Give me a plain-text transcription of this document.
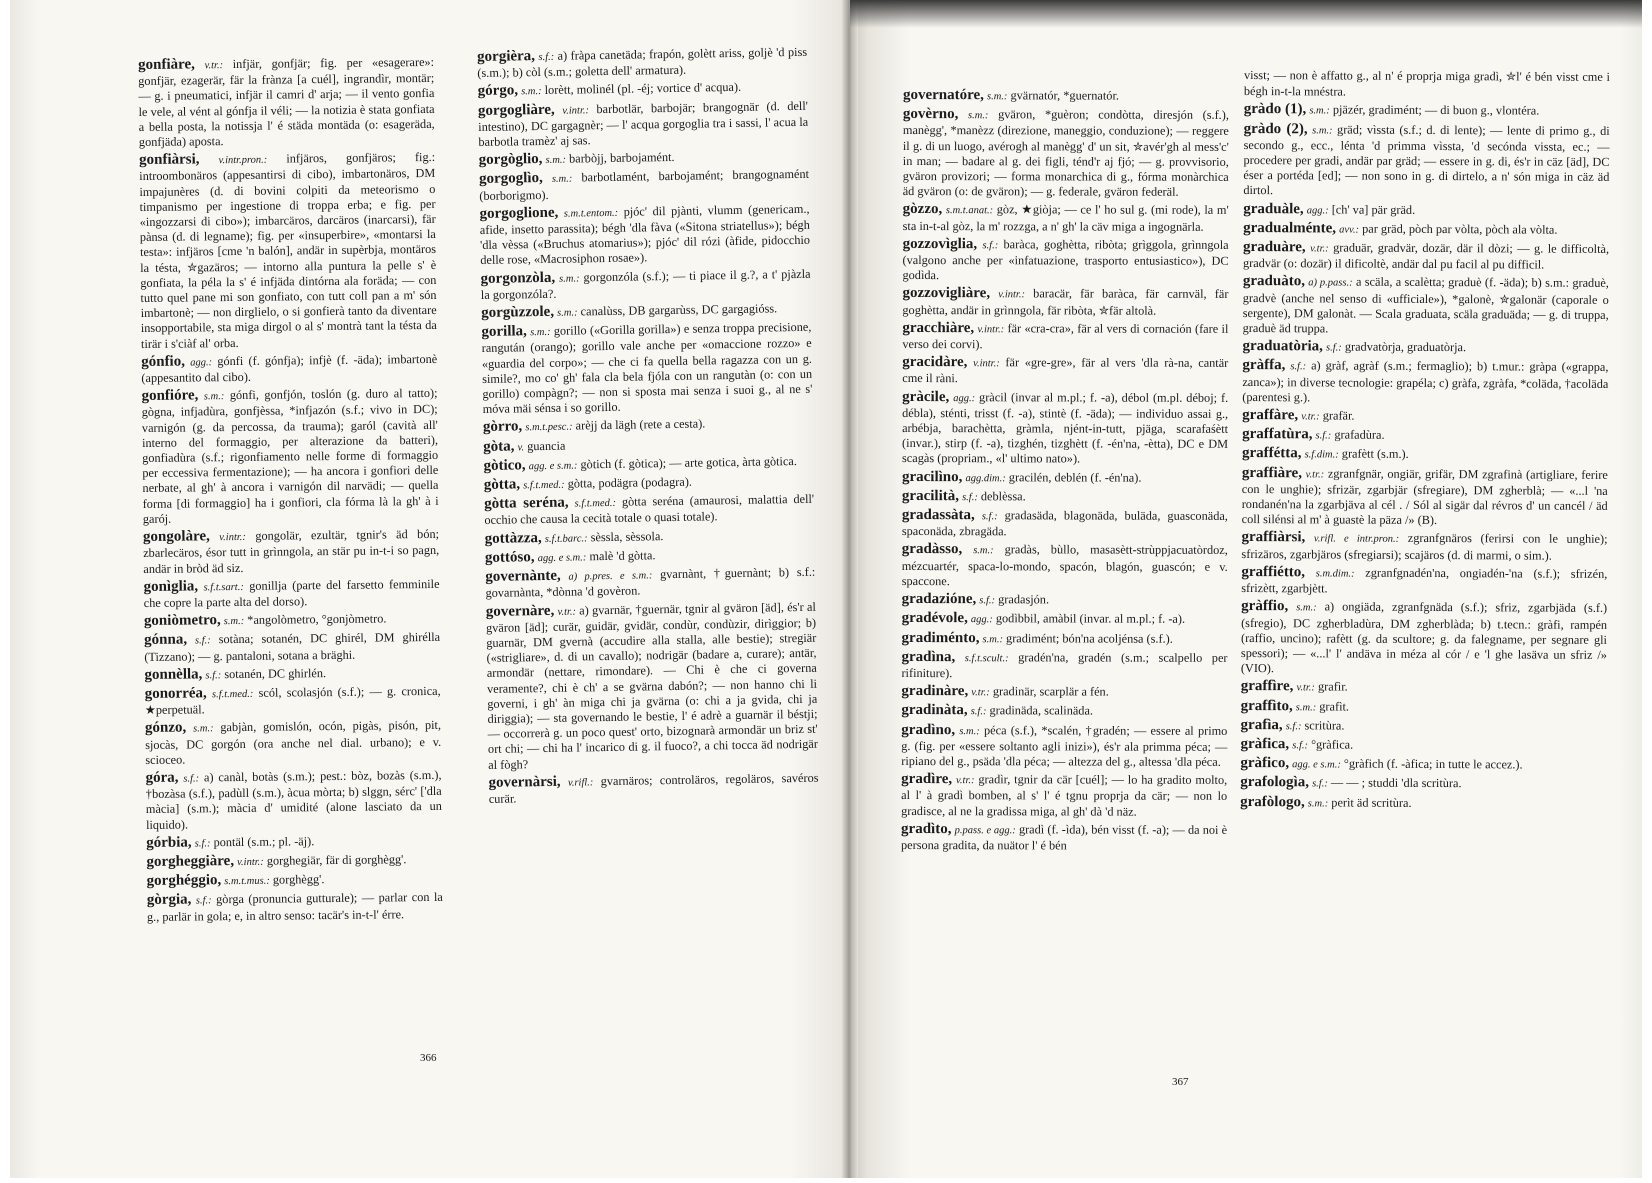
gonfiàre, v.tr.: infjär, gonfjär; fig. per «esagerare»: gonfjär, ezagerär, fär la frànza [a cuél], ingrandìr, montär; — g. i pneumatici, infjär il camri d' arja; — il vento gonfia le vele, al vént al gónfja il véli; — la notizia è stata gonfiata a bella posta, la notissja l' é städa montäda (o: esageräda, gonfjäda) aposta.

gonfiàrsi, v.intr.pron.: infjäros, gonfjäros; fig.: introombonäros (appesantirsi di cibo), imbartonäros, DM impajunères (d. di bovini colpiti da meteorismo o timpanismo per ingestione di troppa erba; e fig. per «ingozzarsi di cibo»); imbarcäros, darcäros (inarcarsi), fär pànsa (d. di legname); fig. per «insuperbire», «montarsi la testa»: infjäros [cme 'n balón], andär in supèrbja, montäros la tésta, ✮gazäros; — intorno alla puntura la pelle s' è gonfiata, la péla la s' é infjäda dintórna ala foräda; — con tutto quel pane mi son gonfiato, con tutt coll pan a m' són imbartonè; — non dirglielo, o si gonfierà tanto da diventare insopportabile, sta miga dirgol o al s' montrà tant la tésta da tirär i s'ciàf al' orba.

gónfio, agg.: gónfi (f. gónfja); infjè (f. -äda); imbartonè (appesantito dal cibo).

gonfióre, s.m.: gónfi, gonfjón, toslón (g. duro al tatto); gògna, infjadùra, gonfjèssa, *infjazón (s.f.; vivo in DC); varnigón (g. da percossa, da trauma); garól (cavità all' interno del formaggio, per alterazione da batteri), gonfiadùra (s.f.; rigonfiamento nelle forme di formaggio per eccessiva fermentazione); — ha ancora i gonfiori delle nerbate, al gh' à ancora i varnigón dil narvädi; — quella forma [di formaggio] ha i gonfiori, cla fórma là la gh' à i garój.

gongolàre, v.intr.: gongolär, ezultär, tgnir's äd bón; zbarlecäros, ésor tutt in grìnngola, an stär pu in-t-i so pagn, andär in bròd äd siz.

gonìglia, s.f.t.sart.: gonillja (parte del farsetto femminile che copre la parte alta del dorso).

goniòmetro, s.m.: *angolòmetro, °gonjòmetro.

gónna, s.f.: sotàna; sotanén, DC ghirél, DM ghirélla (Tizzano); — g. pantaloni, sotana a bräghi.

gonnèlla, s.f.: sotanén, DC ghirlén.

gonorréa, s.f.t.med.: scól, scolasjón (s.f.); — g. cronica, ★perpetuäl.

gónzo, s.m.: gabjàn, gomislón, ocón, pigàs, pisón, pit, sjocàs, DC gorgón (ora anche nel dial. urbano); e v. scioceo.

góra, s.f.: a) canàl, botàs (s.m.); pest.: bòz, bozàs (s.m.), †bozàsa (s.f.), padùll (s.m.), àcua mòrta; b) slggn, sérc' ['dla màcia] (s.m.); màcia d' umidité (alone lasciato da un liquido).

górbia, s.f.: pontäl (s.m.; pl. -äj).

gorgheggiàre, v.intr.: gorghegiär, fär di gorghègg'.

gorghéggio, s.m.t.mus.: gorghègg'.

gòrgia, s.f.: gòrga (pronuncia gutturale); — parlar con la g., parlär in gola; e, in altro senso: tacär's in-t-l' érre.

gorgièra, s.f.: a) fràpa canetäda; frapón, golètt ariss, goljè 'd piss (s.m.); b) còl (s.m.; goletta dell' armatura).

górgo, s.m.: lorètt, molinél (pl. -éj; vortice d' acqua).

gorgogliàre, v.intr.: barbotlär, barbojär; brangognär (d. dell' intestino), DC gargagnèr; — l' acqua gorgoglia tra i sassi, l' acua la barbotla tramèz' aj sas.

gorgòglio, s.m.: barbòjj, barbojamént.

gorgoglìo, s.m.: barbotlamént, barbojamént; brangognamént (borborigmo).

gorgoglione, s.m.t.entom.: pjóc' dil pjànti, vlumm (genericam., afide, insetto parassita); bégh 'dla fàva («Sitona striatellus»); bégh 'dla vèssa («Bruchus atomarius»); pjóc' dil rózi (àfide, pidocchio delle rose, «Macrosiphon rosae»).

gorgonzòla, s.m.: gorgonzóla (s.f.); — ti piace il g.?, a t' pjàzla la gorgonzóla?.

gorgùzzole, s.m.: canalùss, DB gargarùss, DC gargagióss.

gorilla, s.m.: gorillo («Gorilla gorilla») e senza troppa precisione, rangután (orango); gorillo vale anche per «omaccione rozzo» e «guardia del corpo»; — che ci fa quella bella ragazza con un g. simile?, mo co' gh' fala cla bela fjóla con un rangutàn (o: con un gorillo) compàgn?; — non si sposta mai senza i suoi g., al ne s' móva mäi sénsa i so gorillo.

gòrro, s.m.t.pesc.: arèjj da lägh (rete a cesta).

gòta, v. guancia

gòtico, agg. e s.m.: gòtich (f. gòtica); — arte gotica, àrta gòtica.

gòtta, s.f.t.med.: gòtta, podägra (podagra).

gòtta seréna, s.f.t.med.: gòtta seréna (amaurosi, malattia dell' occhio che causa la cecità totale o quasi totale).

gottàzza, s.f.t.barc.: sèssla, sèssola.

gottóso, agg. e s.m.: malè 'd gòtta.

governànte, a) p.pres. e s.m.: gvarnànt, †guernànt; b) s.f.: govarnànta, *dònna 'd govèron.

governàre, v.tr.: a) gvarnär, †guernär, tgnir al gväron [äd], és'r al gväron [äd]; curär, guidär, gvidär, condùr, condùzir, dirìggior; b) guarnär, DM gvernà (accudire alla stalla, alle bestie); stregiär («strigliare», d. di un cavallo); nodrigär (badare a, curare); antär, armondär (nettare, rimondare). — Chi è che ci governa veramente?, chi è ch' a se gvärna dabón?; — non hanno chi li governi, i gh' àn miga chi ja gvärna (o: chi a ja gvida, chi ja diriggia); — sta governando le bestie, l' é adrè a guarnär il béstji; — occorrerà g. un poco quest' orto, bizognarà armondär un briz st' ort chi; — chi ha l' incarico di g. il fuoco?, a chi tocca äd nodrigär al fògh?

governàrsi, v.rifl.: gvarnäros; controläros, regoläros, savéros curär.

366

governatóre, s.m.: gvärnatór, *guernatór.

govèrno, s.m.: gväron, *guèron; condòtta, diresjón (s.f.), manègg', *manèzz (direzione, maneggio, conduzione); — reggere il g. di un luogo, avérogh al manègg' d' un sit, ✮avér'gh al mess'c' in man; — badare al g. dei figli, ténd'r aj fjó; — g. provvisorio, gväron provizori; — forma monarchica di g., fórma monàrchica äd gväron (o: de gväron); — g. federale, gväron federäl.

gòzzo, s.m.t.anat.: gòz, ★giòja; — ce l' ho sul g. (mi rode), la m' sta in-t-al gòz, la m' rozzga, a n' gh' la cäv miga a ingognärla.

gozzovìglia, s.f.: baràca, goghètta, ribòta; grìggola, grìnngola (valgono anche per «infatuazione, trasporto entusiastico»), DC godìda.

gozzovigliàre, v.intr.: baracär, fär baràca, fär carnväl, fär goghètta, andär in grìnngola, fär ribòta, ✮fär altolà.

gracchiàre, v.intr.: fär «cra-cra», fär al vers di cornación (fare il verso dei corvi).

gracidàre, v.intr.: fär «gre-gre», fär al vers 'dla rà-na, cantär cme il ràni.

gràcile, agg.: gràcil (invar al m.pl.; f. -a), débol (m.pl. déboj; f. débla), sténti, trisst (f. -a), stintè (f. -äda); — individuo assai g., arbébja, barachètta, gràmla, njént-in-tutt, pjäga, scarafaśètt (invar.), stirp (f. -a), tizghén, tizghètt (f. -én'na, -ètta), DC e DM scagàs (propriam., «l' ultimo nato»).

gracilìno, agg.dim.: gracilén, deblén (f. -én'na).

gracilità, s.f.: deblèssa.

gradassàta, s.f.: gradasäda, blagonäda, buläda, guasconäda, spaconäda, zbragäda.

gradàsso, s.m.: gradàs, bùllo, masasètt-strùppjacuatòrdoz, mézcuartér, spaca-lo-mondo, spacón, blagón, guascón; e v. spaccone.

gradazióne, s.f.: gradasjón.

gradévole, agg.: godìbbil, amàbil (invar. al m.pl.; f. -a).

gradiménto, s.m.: gradimént; bón'na acoljénsa (s.f.).

gradìna, s.f.t.scult.: gradén'na, gradén (s.m.; scalpello per rifiniture).

gradinàre, v.tr.: gradinär, scarplär a fén.

gradinàta, s.f.: gradinäda, scalinäda.

gradìno, s.m.: péca (s.f.), *scalén, †gradén; — essere al primo g. (fig. per «essere soltanto agli inizi»), és'r ala primma péca; — ripiano del g., psäda 'dla péca; — altezza del g., altessa 'dla péca.

gradìre, v.tr.: gradìr, tgnir da cär [cuél]; — lo ha gradito molto, al l' à gradì bomben, al s' l' é tgnu proprja da cär; — non lo gradisce, al ne la gradissa miga, al gh' dà 'd näz.

gradìto, p.pass. e agg.: gradì (f. -ìda), bén visst (f. -a); — da noi è persona gradita, da nuätor l' é bén

visst; — non è affatto g., al n' é proprja miga gradì, ✮l' é bén visst cme i bégh in-t-la mnéstra.

gràdo (1), s.m.: pjäzér, gradimént; — di buon g., vlontéra.

gràdo (2), s.m.: gräd; vìssta (s.f.; d. di lente); — lente di primo g., di secondo g., ecc., lénta 'd primma vìssta, 'd secónda vissta, ec.; — procedere per gradi, andär par gräd; — essere in g. di, és'r in cäz [äd], DC éser a portéda [ed]; — non sono in g. di dirtelo, a n' són miga in cäz äd dirtol.

graduàle, agg.: [ch' va] pär gräd.

gradualménte, avv.: par gräd, pòch par vòlta, pòch ala vòlta.

graduàre, v.tr.: graduär, gradvär, dozär, där il dòzi; — g. le difficoltà, gradvär (o: dozär) il dificoltè, andär dal pu facil al pu difficil.

graduàto, a) p.pass.: a scäla, a scalètta; graduè (f. -äda); b) s.m.: graduè, gradvè (anche nel senso di «ufficiale»), *galonè, ✮galonär (caporale o sergente), DM galonàt. — Scala graduata, scäla graduäda; — g. di truppa, graduè äd truppa.

graduatòria, s.f.: gradvatòrja, graduatòrja.

gràffa, s.f.: a) gràf, agràf (s.m.; fermaglio); b) t.mur.: gràpa («grappa, zanca»); in diverse tecnologie: grapéla; c) gràfa, zgràfa, *coläda, †acoläda (parentesi g.).

graffàre, v.tr.: grafär.

graffatùra, s.f.: grafadùra.

graffétta, s.f.dim.: grafètt (s.m.).

graffiàre, v.tr.: zgranfgnär, ongiär, grifär, DM zgrafinà (artigliare, ferire con le unghie); sfrizär, zgarbjär (sfregiare), DM zgherblà; — «...l 'na rondanén'na la zgarbjäva al cél . / Sól al sigär dal révros d' un cancél / äd coll silénsi al m' à guastè la päza /» (B).

graffiàrsi, v.rifl. e intr.pron.: zgranfgnäros (ferirsi con le unghie); sfrizäros, zgarbjäros (sfregiarsi); scajäros (d. di marmi, o sim.).

graffiétto, s.m.dim.: zgranfgnadén'na, ongiadén-'na (s.f.); sfrizén, sfrizètt, zgarbjètt.

gràffio, s.m.: a) ongiäda, zgranfgnäda (s.f.); sfriz, zgarbjäda (s.f.) (sfregio), DC zgherbladùra, DM zgherblàda; b) t.tecn.: gràfi, rampén (raffio, uncino); rafètt (g. da scultore; g. da falegname, per segnare gli spessori); — «...l' l' andäva in méza al cór / e 'l ghe lasäva un sfriz /» (VIO).

graffìre, v.tr.: grafìr.

graffìto, s.m.: grafìt.

grafìa, s.f.: scritùra.

gràfica, s.f.: °gràfica.

gràfico, agg. e s.m.: °gràfich (f. -àfica; in tutte le accez.).

grafologìa, s.f.: — — ; studdi 'dla scritùra.

grafòlogo, s.m.: perìt äd scritùra.

367
